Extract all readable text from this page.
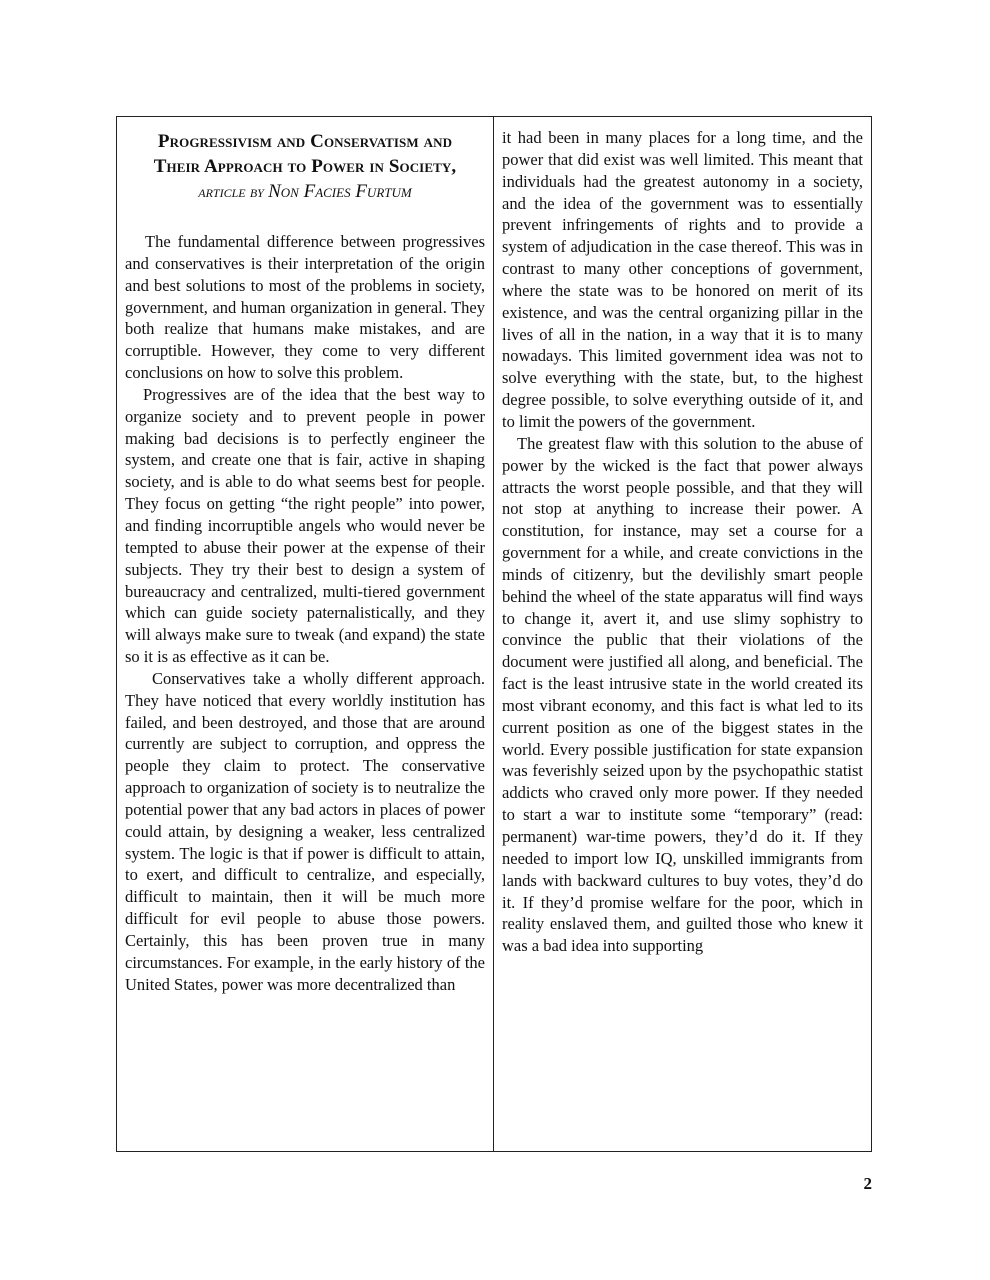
Progressivism and Conservatism and
Their Approach to Power in Society,
article by Non Facies Furtum

The fundamental difference between progressives and conservatives is their interpretation of the origin and best solutions to most of the problems in society, government, and human organization in general. They both realize that humans make mistakes, and are corruptible. However, they come to very different conclusions on how to solve this problem.

Progressives are of the idea that the best way to organize society and to prevent people in power making bad decisions is to perfectly engineer the system, and create one that is fair, active in shaping society, and is able to do what seems best for people. They focus on getting “the right people” into power, and finding incorruptible angels who would never be tempted to abuse their power at the expense of their subjects. They try their best to design a system of bureaucracy and centralized, multi-tiered government which can guide society paternalistically, and they will always make sure to tweak (and expand) the state so it is as effective as it can be.

Conservatives take a wholly different approach. They have noticed that every worldly institution has failed, and been destroyed, and those that are around currently are subject to corruption, and oppress the people they claim to protect. The conservative approach to organization of society is to neutralize the potential power that any bad actors in places of power could attain, by designing a weaker, less centralized system. The logic is that if power is difficult to attain, to exert, and difficult to centralize, and especially, difficult to maintain, then it will be much more difficult for evil people to abuse those powers. Certainly, this has been proven true in many circumstances. For example, in the early history of the United States, power was more decentralized than

it had been in many places for a long time, and the power that did exist was well limited. This meant that individuals had the greatest autonomy in a society, and the idea of the government was to essentially prevent infringements of rights and to provide a system of adjudication in the case thereof. This was in contrast to many other conceptions of government, where the state was to be honored on merit of its existence, and was the central organizing pillar in the lives of all in the nation, in a way that it is to many nowadays. This limited government idea was not to solve everything with the state, but, to the highest degree possible, to solve everything outside of it, and to limit the powers of the government.

The greatest flaw with this solution to the abuse of power by the wicked is the fact that power always attracts the worst people possible, and that they will not stop at anything to increase their power. A constitution, for instance, may set a course for a government for a while, and create convictions in the minds of citizenry, but the devilishly smart people behind the wheel of the state apparatus will find ways to change it, avert it, and use slimy sophistry to convince the public that their violations of the document were justified all along, and beneficial. The fact is the least intrusive state in the world created its most vibrant economy, and this fact is what led to its current position as one of the biggest states in the world. Every possible justification for state expansion was feverishly seized upon by the psychopathic statist addicts who craved only more power. If they needed to start a war to institute some “temporary” (read: permanent) war-time powers, they’d do it. If they needed to import low IQ, unskilled immigrants from lands with backward cultures to buy votes, they’d do it. If they’d promise welfare for the poor, which in reality enslaved them, and guilted those who knew it was a bad idea into supporting

2
